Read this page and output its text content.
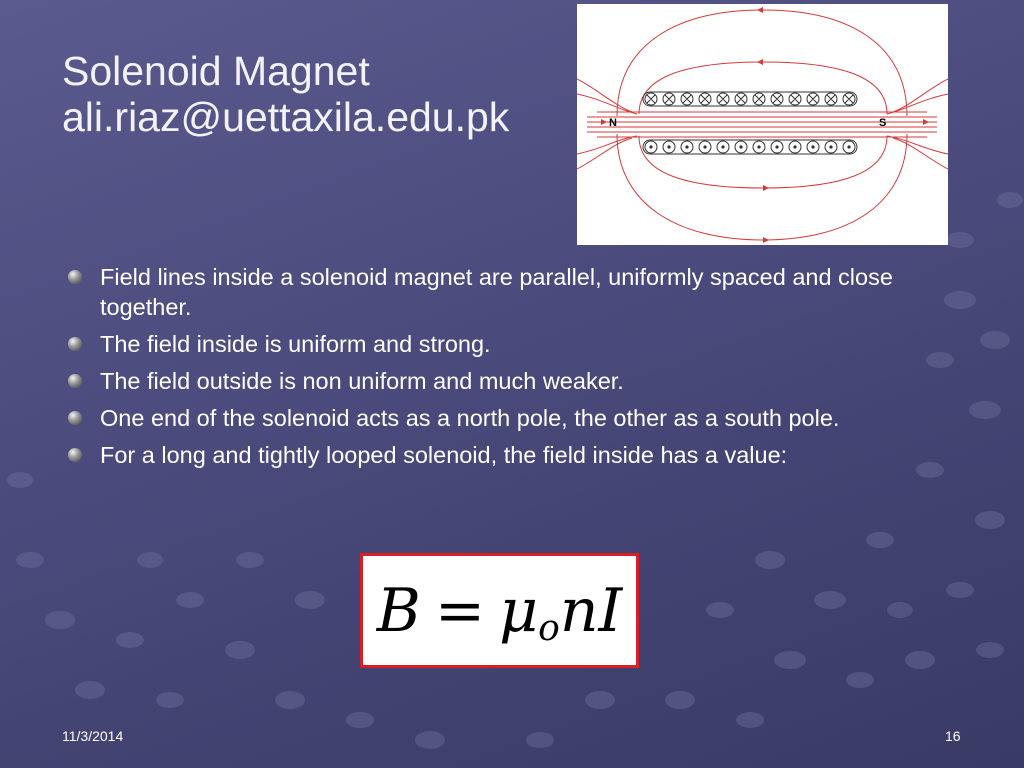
Solenoid Magnet
ali.riaz@uettaxila.edu.pk	N	S
Field lines inside a solenoid magnet are parallel, uniformly spaced and close together.
The field inside is uniform and strong.
The field outside is non uniform and much weaker.
One end of the solenoid acts as a north pole, the other as a south pole.
For a long and tightly looped solenoid, the field inside has a value:
B = μ o nI
11/3/2014	16
